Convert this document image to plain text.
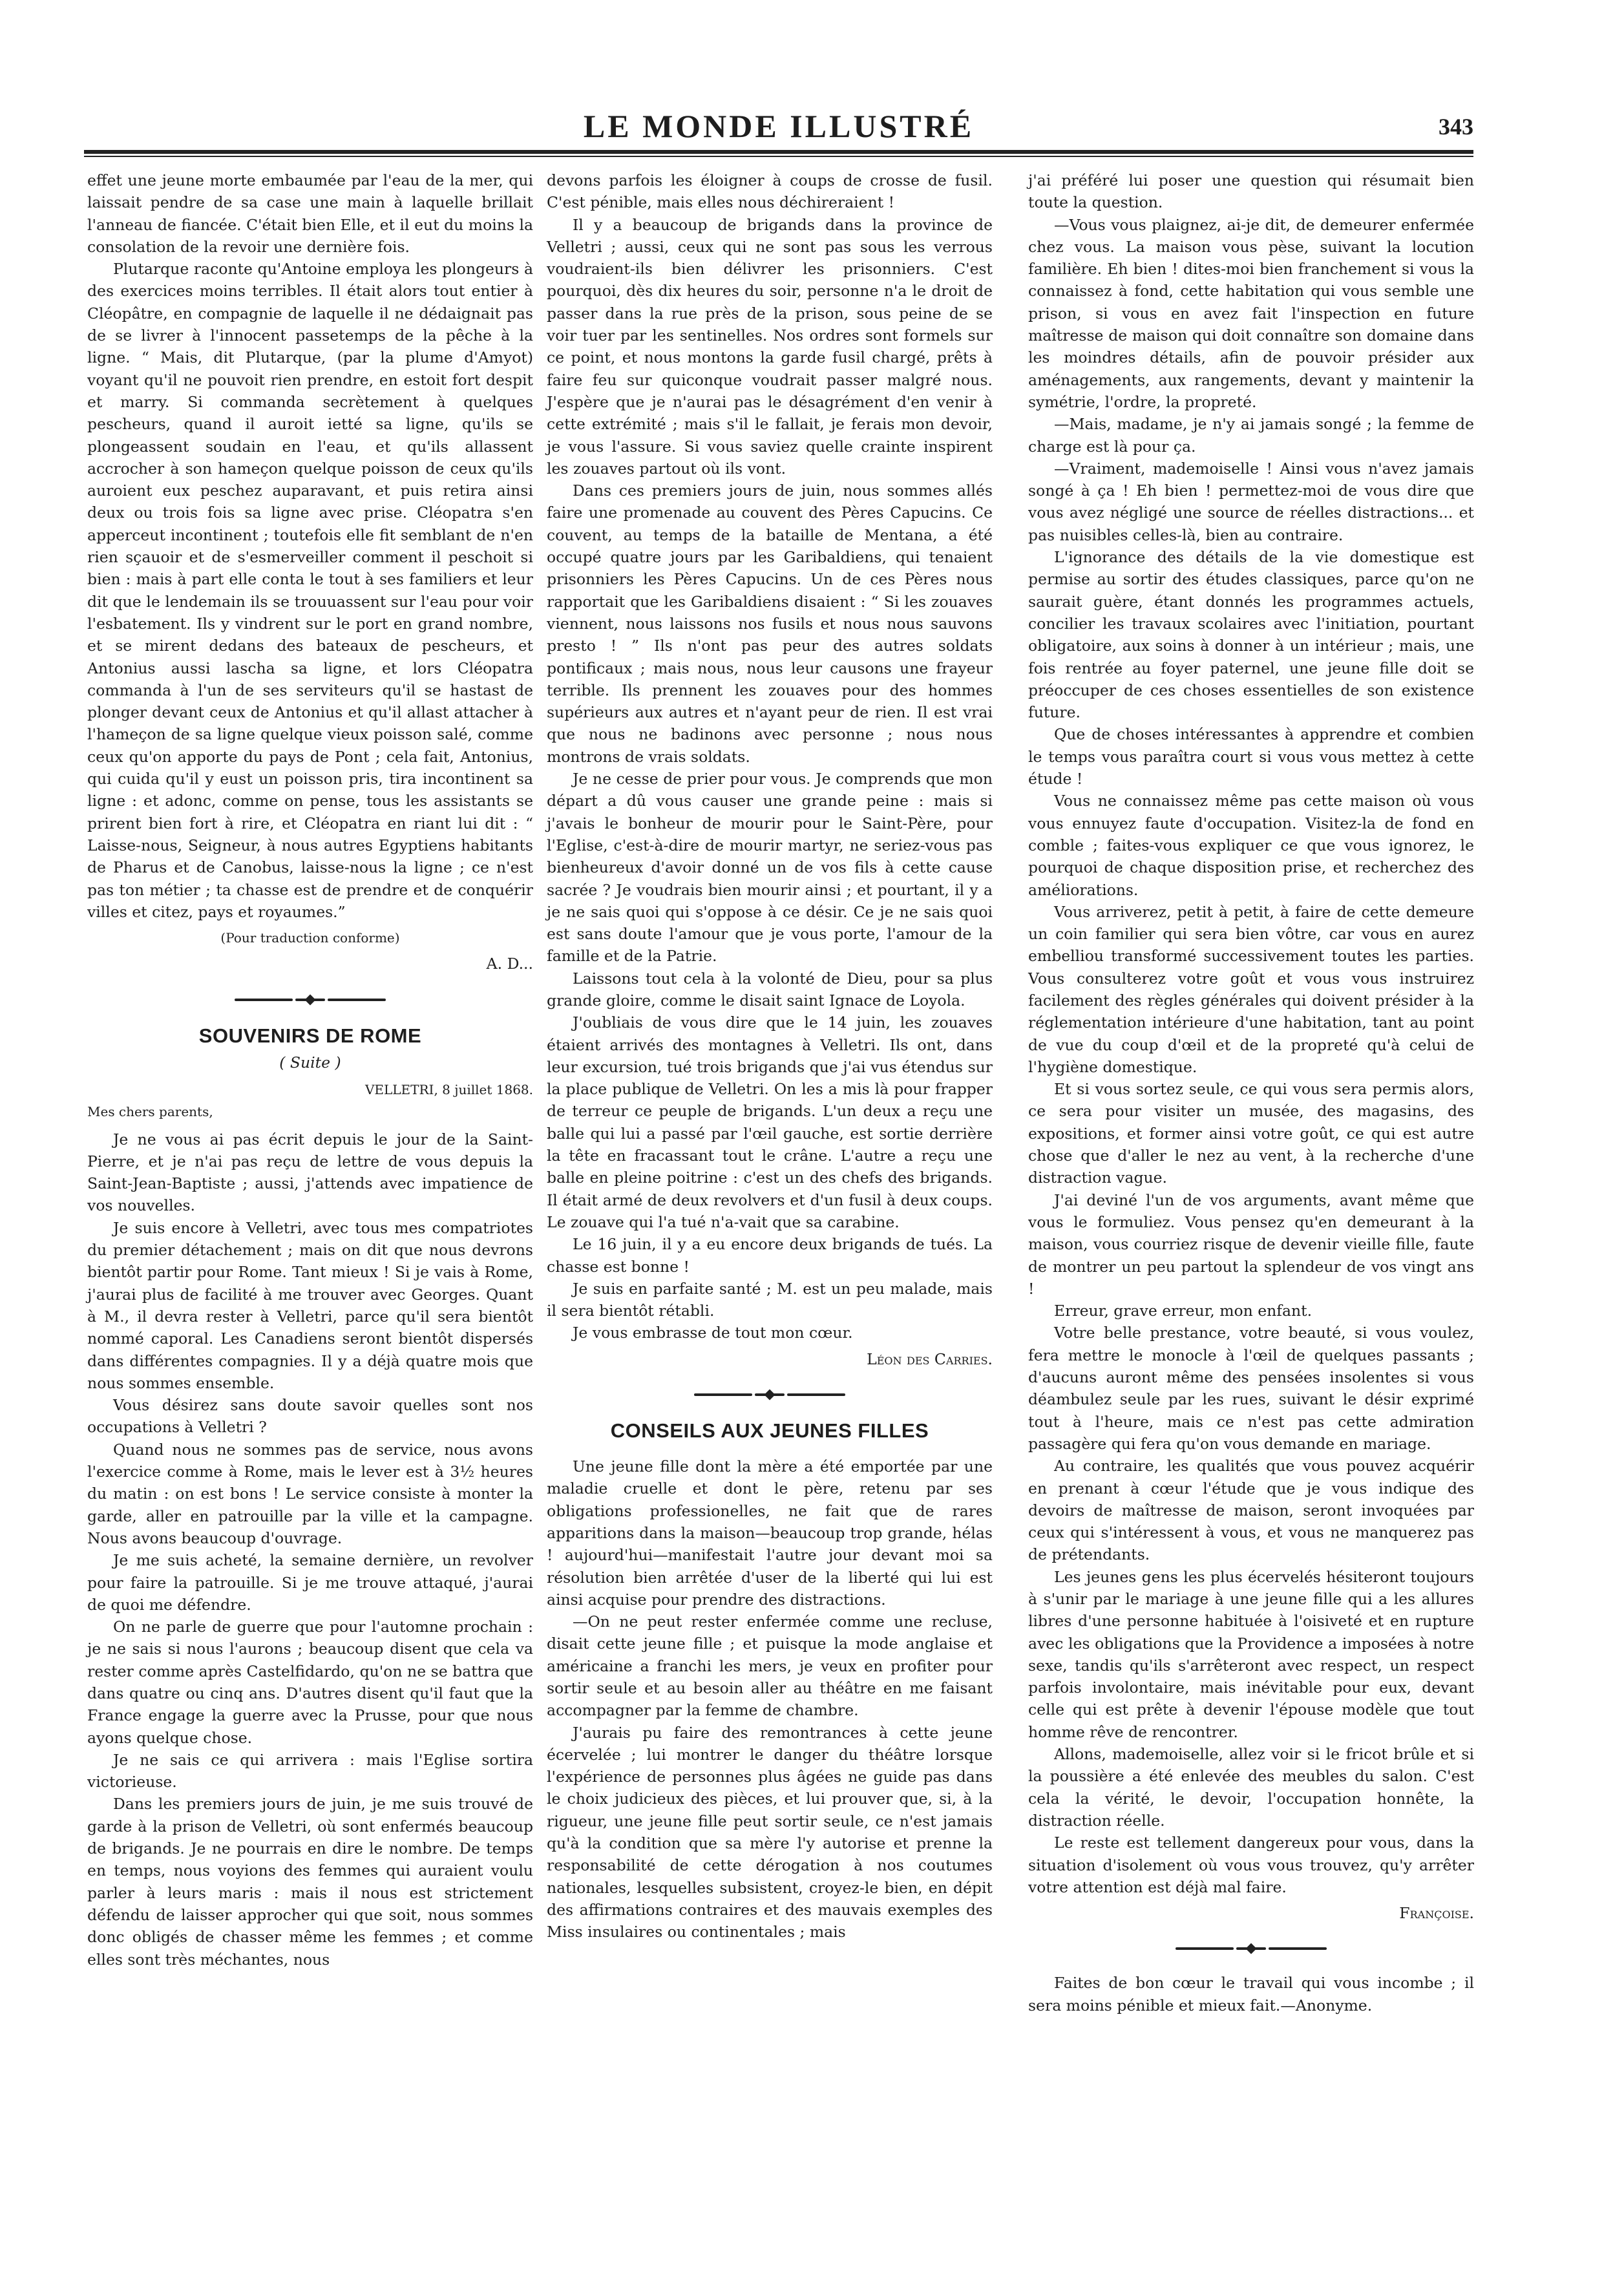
LE MONDE ILLUSTRÉ	343

effet une jeune morte embaumée par l'eau de la mer, qui laissait pendre de sa case une main à laquelle brillait l'anneau de fiancée. C'était bien Elle, et il eut du moins la consolation de la revoir une dernière fois.

Plutarque raconte qu'Antoine employa les plongeurs à des exercices moins terribles. Il était alors tout entier à Cléopâtre, en compagnie de laquelle il ne dédaignait pas de se livrer à l'innocent passetemps de la pêche à la ligne. “ Mais, dit Plutarque, (par la plume d'Amyot) voyant qu'il ne pouvoit rien prendre, en estoit fort despit et marry. Si commanda secrètement à quelques pescheurs, quand il auroit ietté sa ligne, qu'ils se plongeassent soudain en l'eau, et qu'ils allassent accrocher à son hameçon quelque poisson de ceux qu'ils auroient eux peschez auparavant, et puis retira ainsi deux ou trois fois sa ligne avec prise. Cléopatra s'en apperceut incontinent ; toutefois elle fit semblant de n'en rien sçauoir et de s'esmerveiller comment il peschoit si bien : mais à part elle conta le tout à ses familiers et leur dit que le lendemain ils se trouuassent sur l'eau pour voir l'esbatement. Ils y vindrent sur le port en grand nombre, et se mirent dedans des bateaux de pescheurs, et Antonius aussi lascha sa ligne, et lors Cléopatra commanda à l'un de ses serviteurs qu'il se hastast de plonger devant ceux de Antonius et qu'il allast attacher à l'hameçon de sa ligne quelque vieux poisson salé, comme ceux qu'on apporte du pays de Pont ; cela fait, Antonius, qui cuida qu'il y eust un poisson pris, tira incontinent sa ligne : et adonc, comme on pense, tous les assistants se prirent bien fort à rire, et Cléopatra en riant lui dit : “ Laisse-nous, Seigneur, à nous autres Egyptiens habitants de Pharus et de Canobus, laisse-nous la ligne ; ce n'est pas ton métier ; ta chasse est de prendre et de conquérir villes et citez, pays et royaumes.”

(Pour traduction conforme)

A. D...

SOUVENIRS DE ROME

( Suite )

VELLETRI, 8 juillet 1868.

Mes chers parents,

Je ne vous ai pas écrit depuis le jour de la Saint-Pierre, et je n'ai pas reçu de lettre de vous depuis la Saint-Jean-Baptiste ; aussi, j'attends avec impatience de vos nouvelles.

Je suis encore à Velletri, avec tous mes compatriotes du premier détachement ; mais on dit que nous devrons bientôt partir pour Rome. Tant mieux ! Si je vais à Rome, j'aurai plus de facilité à me trouver avec Georges. Quant à M., il devra rester à Velletri, parce qu'il sera bientôt nommé caporal. Les Canadiens seront bientôt dispersés dans différentes compagnies. Il y a déjà quatre mois que nous sommes ensemble.

Vous désirez sans doute savoir quelles sont nos occupations à Velletri ?

Quand nous ne sommes pas de service, nous avons l'exercice comme à Rome, mais le lever est à 3½ heures du matin : on est bons ! Le service consiste à monter la garde, aller en patrouille par la ville et la campagne. Nous avons beaucoup d'ouvrage.

Je me suis acheté, la semaine dernière, un revolver pour faire la patrouille. Si je me trouve attaqué, j'aurai de quoi me défendre.

On ne parle de guerre que pour l'automne prochain : je ne sais si nous l'aurons ; beaucoup disent que cela va rester comme après Castelfidardo, qu'on ne se battra que dans quatre ou cinq ans. D'autres disent qu'il faut que la France engage la guerre avec la Prusse, pour que nous ayons quelque chose.

Je ne sais ce qui arrivera : mais l'Eglise sortira victorieuse.

Dans les premiers jours de juin, je me suis trouvé de garde à la prison de Velletri, où sont enfermés beaucoup de brigands. Je ne pourrais en dire le nombre. De temps en temps, nous voyions des femmes qui auraient voulu parler à leurs maris : mais il nous est strictement défendu de laisser approcher qui que soit, nous sommes donc obligés de chasser même les femmes ; et comme elles sont très méchantes, nous

devons parfois les éloigner à coups de crosse de fusil. C'est pénible, mais elles nous déchireraient !

Il y a beaucoup de brigands dans la province de Velletri ; aussi, ceux qui ne sont pas sous les verrous voudraient-ils bien délivrer les prisonniers. C'est pourquoi, dès dix heures du soir, personne n'a le droit de passer dans la rue près de la prison, sous peine de se voir tuer par les sentinelles. Nos ordres sont formels sur ce point, et nous montons la garde fusil chargé, prêts à faire feu sur quiconque voudrait passer malgré nous. J'espère que je n'aurai pas le désagrément d'en venir à cette extrémité ; mais s'il le fallait, je ferais mon devoir, je vous l'assure. Si vous saviez quelle crainte inspirent les zouaves partout où ils vont.

Dans ces premiers jours de juin, nous sommes allés faire une promenade au couvent des Pères Capucins. Ce couvent, au temps de la bataille de Mentana, a été occupé quatre jours par les Garibaldiens, qui tenaient prisonniers les Pères Capucins. Un de ces Pères nous rapportait que les Garibaldiens disaient : “ Si les zouaves viennent, nous laissons nos fusils et nous nous sauvons presto ! ” Ils n'ont pas peur des autres soldats pontificaux ; mais nous, nous leur causons une frayeur terrible. Ils prennent les zouaves pour des hommes supérieurs aux autres et n'ayant peur de rien. Il est vrai que nous ne badinons avec personne ; nous nous montrons de vrais soldats.

Je ne cesse de prier pour vous. Je comprends que mon départ a dû vous causer une grande peine : mais si j'avais le bonheur de mourir pour le Saint-Père, pour l'Eglise, c'est-à-dire de mourir martyr, ne seriez-vous pas bienheureux d'avoir donné un de vos fils à cette cause sacrée ? Je voudrais bien mourir ainsi ; et pourtant, il y a je ne sais quoi qui s'oppose à ce désir. Ce je ne sais quoi est sans doute l'amour que je vous porte, l'amour de la famille et de la Patrie.

Laissons tout cela à la volonté de Dieu, pour sa plus grande gloire, comme le disait saint Ignace de Loyola.

J'oubliais de vous dire que le 14 juin, les zouaves étaient arrivés des montagnes à Velletri. Ils ont, dans leur excursion, tué trois brigands que j'ai vus étendus sur la place publique de Velletri. On les a mis là pour frapper de terreur ce peuple de brigands. L'un deux a reçu une balle qui lui a passé par l'œil gauche, est sortie derrière la tête en fracassant tout le crâne. L'autre a reçu une balle en pleine poitrine : c'est un des chefs des brigands. Il était armé de deux revolvers et d'un fusil à deux coups. Le zouave qui l'a tué n'a-vait que sa carabine.

Le 16 juin, il y a eu encore deux brigands de tués. La chasse est bonne !

Je suis en parfaite santé ; M. est un peu malade, mais il sera bientôt rétabli.

Je vous embrasse de tout mon cœur.

Léon des Carries.

CONSEILS AUX JEUNES FILLES

Une jeune fille dont la mère a été emportée par une maladie cruelle et dont le père, retenu par ses obligations professionelles, ne fait que de rares apparitions dans la maison—beaucoup trop grande, hélas ! aujourd'hui—manifestait l'autre jour devant moi sa résolution bien arrêtée d'user de la liberté qui lui est ainsi acquise pour prendre des distractions.

—On ne peut rester enfermée comme une recluse, disait cette jeune fille ; et puisque la mode anglaise et américaine a franchi les mers, je veux en profiter pour sortir seule et au besoin aller au théâtre en me faisant accompagner par la femme de chambre.

J'aurais pu faire des remontrances à cette jeune écervelée ; lui montrer le danger du théâtre lorsque l'expérience de personnes plus âgées ne guide pas dans le choix judicieux des pièces, et lui prouver que, si, à la rigueur, une jeune fille peut sortir seule, ce n'est jamais qu'à la condition que sa mère l'y autorise et prenne la responsabilité de cette dérogation à nos coutumes nationales, lesquelles subsistent, croyez-le bien, en dépit des affirmations contraires et des mauvais exemples des Miss insulaires ou continentales ; mais

j'ai préféré lui poser une question qui résumait bien toute la question.

—Vous vous plaignez, ai-je dit, de demeurer enfermée chez vous. La maison vous pèse, suivant la locution familière. Eh bien ! dites-moi bien franchement si vous la connaissez à fond, cette habitation qui vous semble une prison, si vous en avez fait l'inspection en future maîtresse de maison qui doit connaître son domaine dans les moindres détails, afin de pouvoir présider aux aménagements, aux rangements, devant y maintenir la symétrie, l'ordre, la propreté.

—Mais, madame, je n'y ai jamais songé ; la femme de charge est là pour ça.

—Vraiment, mademoiselle ! Ainsi vous n'avez jamais songé à ça ! Eh bien ! permettez-moi de vous dire que vous avez négligé une source de réelles distractions... et pas nuisibles celles-là, bien au contraire.

L'ignorance des détails de la vie domestique est permise au sortir des études classiques, parce qu'on ne saurait guère, étant donnés les programmes actuels, concilier les travaux scolaires avec l'initiation, pourtant obligatoire, aux soins à donner à un intérieur ; mais, une fois rentrée au foyer paternel, une jeune fille doit se préoccuper de ces choses essentielles de son existence future.

Que de choses intéressantes à apprendre et combien le temps vous paraîtra court si vous vous mettez à cette étude !

Vous ne connaissez même pas cette maison où vous vous ennuyez faute d'occupation. Visitez-la de fond en comble ; faites-vous expliquer ce que vous ignorez, le pourquoi de chaque disposition prise, et recherchez des améliorations.

Vous arriverez, petit à petit, à faire de cette demeure un coin familier qui sera bien vôtre, car vous en aurez embelliou transformé successivement toutes les parties. Vous consulterez votre goût et vous vous instruirez facilement des règles générales qui doivent présider à la réglementation intérieure d'une habitation, tant au point de vue du coup d'œil et de la propreté qu'à celui de l'hygiène domestique.

Et si vous sortez seule, ce qui vous sera permis alors, ce sera pour visiter un musée, des magasins, des expositions, et former ainsi votre goût, ce qui est autre chose que d'aller le nez au vent, à la recherche d'une distraction vague.

J'ai deviné l'un de vos arguments, avant même que vous le formuliez. Vous pensez qu'en demeurant à la maison, vous courriez risque de devenir vieille fille, faute de montrer un peu partout la splendeur de vos vingt ans !

Erreur, grave erreur, mon enfant.

Votre belle prestance, votre beauté, si vous voulez, fera mettre le monocle à l'œil de quelques passants ; d'aucuns auront même des pensées insolentes si vous déambulez seule par les rues, suivant le désir exprimé tout à l'heure, mais ce n'est pas cette admiration passagère qui fera qu'on vous demande en mariage.

Au contraire, les qualités que vous pouvez acquérir en prenant à cœur l'étude que je vous indique des devoirs de maîtresse de maison, seront invoquées par ceux qui s'intéressent à vous, et vous ne manquerez pas de prétendants.

Les jeunes gens les plus écervelés hésiteront toujours à s'unir par le mariage à une jeune fille qui a les allures libres d'une personne habituée à l'oisiveté et en rupture avec les obligations que la Providence a imposées à notre sexe, tandis qu'ils s'arrêteront avec respect, un respect parfois involontaire, mais inévitable pour eux, devant celle qui est prête à devenir l'épouse modèle que tout homme rêve de rencontrer.

Allons, mademoiselle, allez voir si le fricot brûle et si la poussière a été enlevée des meubles du salon. C'est cela la vérité, le devoir, l'occupation honnête, la distraction réelle.

Le reste est tellement dangereux pour vous, dans la situation d'isolement où vous vous trouvez, qu'y arrêter votre attention est déjà mal faire.

Françoise.

Faites de bon cœur le travail qui vous incombe ; il sera moins pénible et mieux fait.—Anonyme.
